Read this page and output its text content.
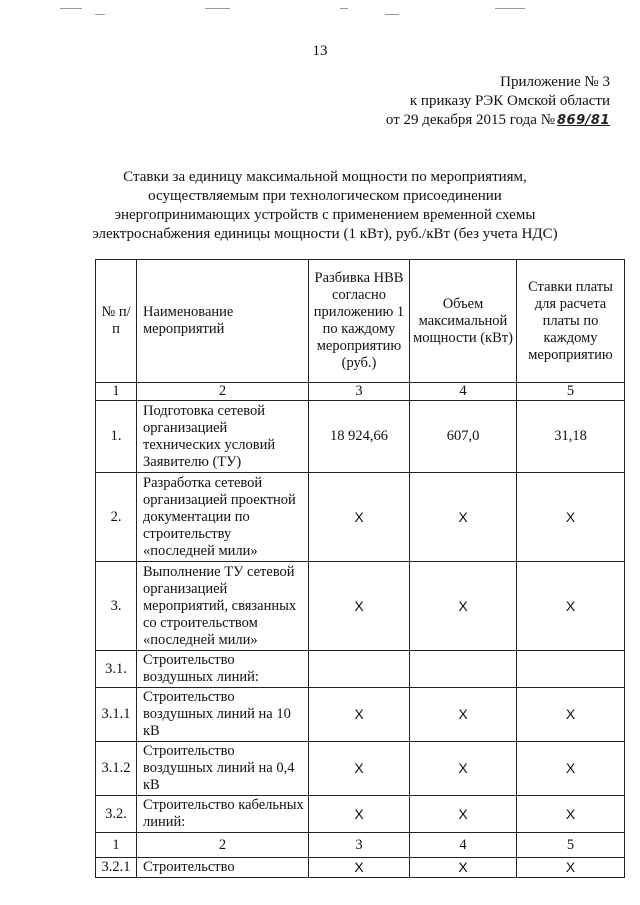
13
Приложение № 3
к приказу РЭК Омской области
от 29 декабря 2015 года № 869/81
Ставки за единицу максимальной мощности по мероприятиям, осуществляемым при технологическом присоединении энергопринимающих устройств с применением временной схемы электроснабжения единицы мощности (1 кВт), руб./кВт (без учета НДС)
№ п/п	Наименование мероприятий	Разбивка НВВ согласно приложению 1 по каждому мероприятию (руб.)	Объем максимальной мощности (кВт)	Ставки платы для расчета платы по каждому мероприятию
1	2	3	4	5
1.	Подготовка сетевой организацией технических условий Заявителю (ТУ)	18 924,66	607,0	31,18
2.	Разработка сетевой организацией проектной документации по строительству «последней мили»	X	X	X
3.	Выполнение ТУ сетевой организацией мероприятий, связанных со строительством «последней мили»	X	X	X
3.1.	Строительство воздушных линий:			
3.1.1	Строительство воздушных линий на 10 кВ	X	X	X
3.1.2	Строительство воздушных линий на 0,4 кВ	X	X	X
3.2.	Строительство кабельных линий:	X	X	X
1	2	3	4	5
3.2.1	Строительство	X	X	X
